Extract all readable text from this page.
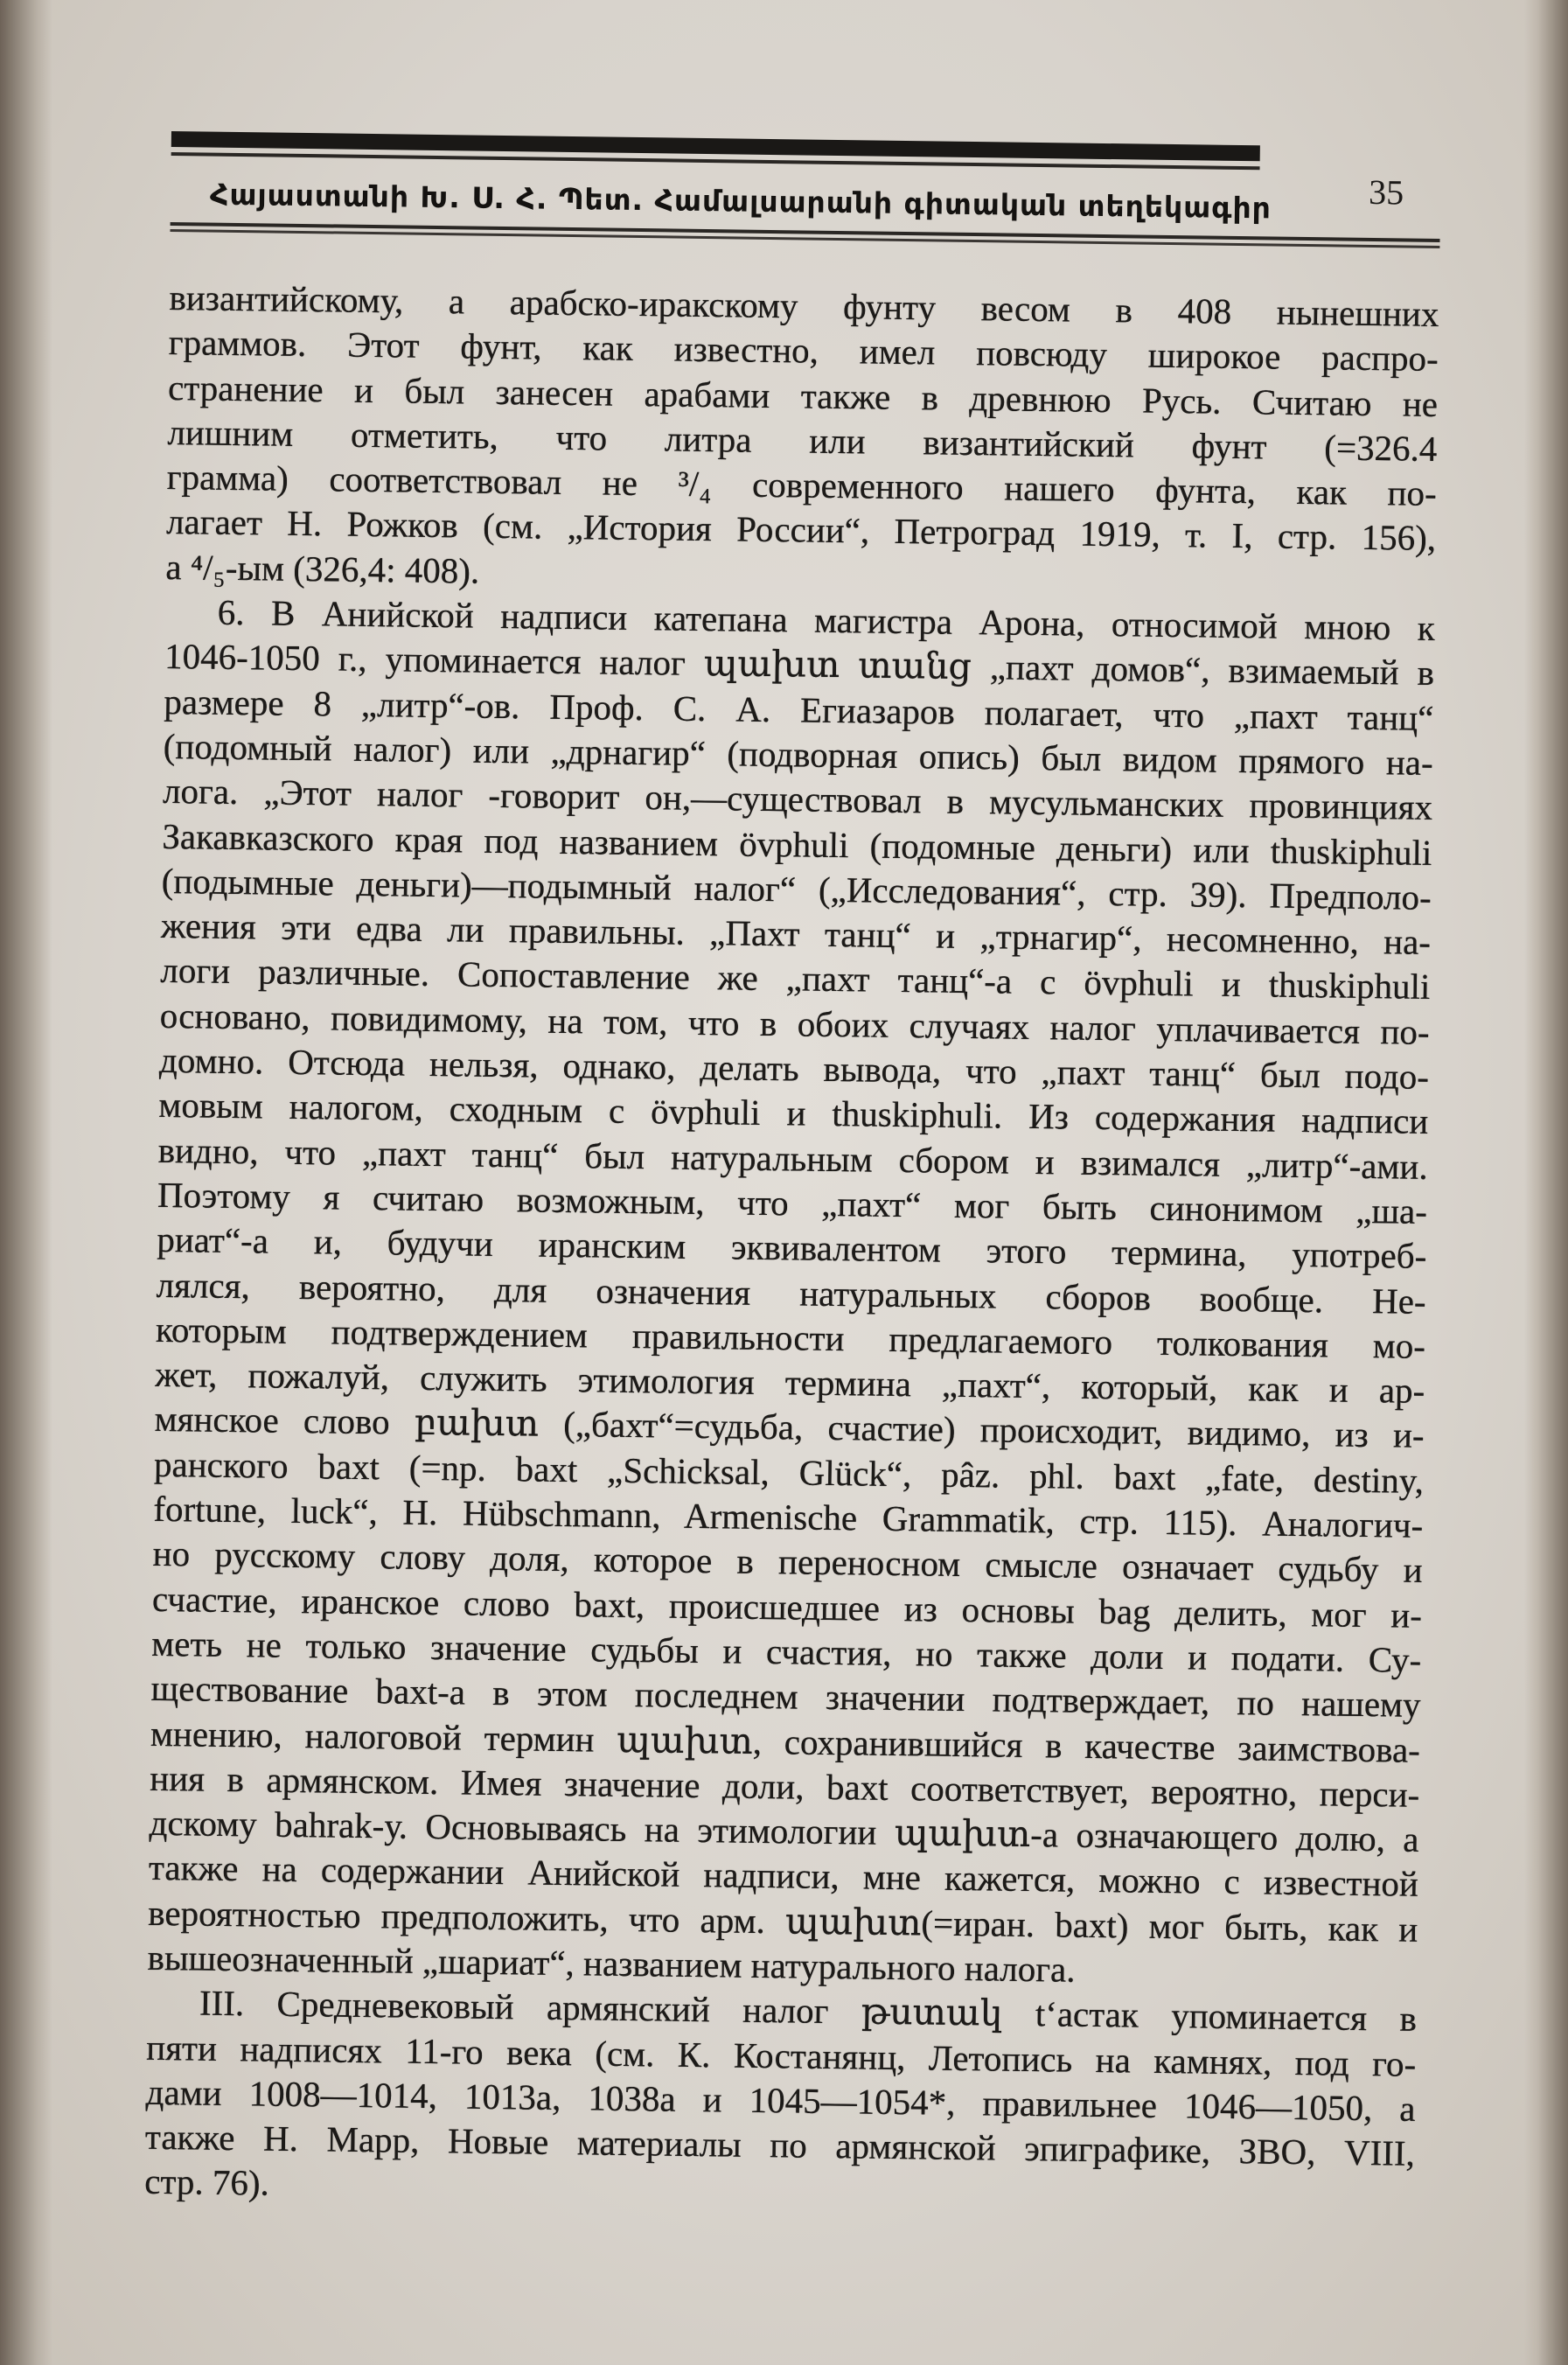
Հայաստանի Խ. Ս. Հ. Պետ. Համալսարանի գիտական տեղեկագիր	35
византийскому, а арабско-иракскому фунту весом в 408 нынешних
граммов. Этот фунт, как известно, имел повсюду широкое распро-
странение и был занесен арабами также в древнюю Русь. Считаю не
лишним отметить, что литра или византийский фунт (=326.4
грамма) соответствовал не ³/₄ современного нашего фунта, как по-
лагает Н. Рожков (см. „История России“, Петроград 1919, т. I, стр. 156),
а ⁴/₅-ым (326,4: 408).
6. В Анийской надписи катепана магистра Арона, относимой мною к
1046-1050 г., упоминается налог պախտ տանց „пахт домов“, взимаемый в
размере 8 „литр“-ов. Проф. С. А. Егиазаров полагает, что „пахт танц“
(подомный налог) или „дрнагир“ (подворная опись) был видом прямого на-
лога. „Этот налог -говорит он,—существовал в мусульманских провинциях
Закавказского края под названием övphuli (подомные деньги) или thuskiphuli
(подымные деньги)—подымный налог“ („Исследования“, стр. 39). Предполо-
жения эти едва ли правильны. „Пахт танц“ и „трнагир“, несомненно, на-
логи различные. Сопоставление же „пахт танц“-а с övphuli и thuskiphuli
основано, повидимому, на том, что в обоих случаях налог уплачивается по-
домно. Отсюда нельзя, однако, делать вывода, что „пахт танц“ был подо-
мовым налогом, сходным с övphuli и thuskiphuli. Из содержания надписи
видно, что „пахт танц“ был натуральным сбором и взимался „литр“-ами.
Поэтому я считаю возможным, что „пахт“ мог быть синонимом „ша-
риат“-а и, будучи иранским эквивалентом этого термина, употреб-
лялся, вероятно, для означения натуральных сборов вообще. Не-
которым подтверждением правильности предлагаемого толкования мо-
жет, пожалуй, служить этимология термина „пахт“, который, как и ар-
мянское слово բախտ („бахт“=судьба, счастие) происходит, видимо, из и-
ранского baxt (=np. baxt „Schicksal, Glück“, pâz. phl. baxt „fate, destiny,
fortune, luck“, H. Hübschmann, Armenische Grammatik, стр. 115). Аналогич-
но русскому слову доля, которое в переносном смысле означает судьбу и
счастие, иранское слово baxt, происшедшее из основы bag делить, мог и-
меть не только значение судьбы и счастия, но также доли и подати. Су-
ществование baxt-а в этом последнем значении подтверждает, по нашему
мнению, налоговой термин պախտ, сохранившийся в качестве заимствова-
ния в армянском. Имея значение доли, baxt соответствует, вероятно, перси-
дскому bahrak-у. Основываясь на этимологии պախտ-а означающего долю, а
также на содержании Анийской надписи, мне кажется, можно с известной
вероятностью предположить, что арм. պախտ(=иран. baxt) мог быть, как и
вышеозначенный „шариат“, названием натурального налога.
III. Средневековый армянский налог թստակ tʻастак упоминается в
пяти надписях 11-го века (см. К. Костанянц, Летопись на камнях, под го-
дами 1008—1014, 1013а, 1038а и 1045—1054*, правильнее 1046—1050, а
также Н. Марр, Новые материалы по армянской эпиграфике, ЗВО, VIII,
стр. 76).
